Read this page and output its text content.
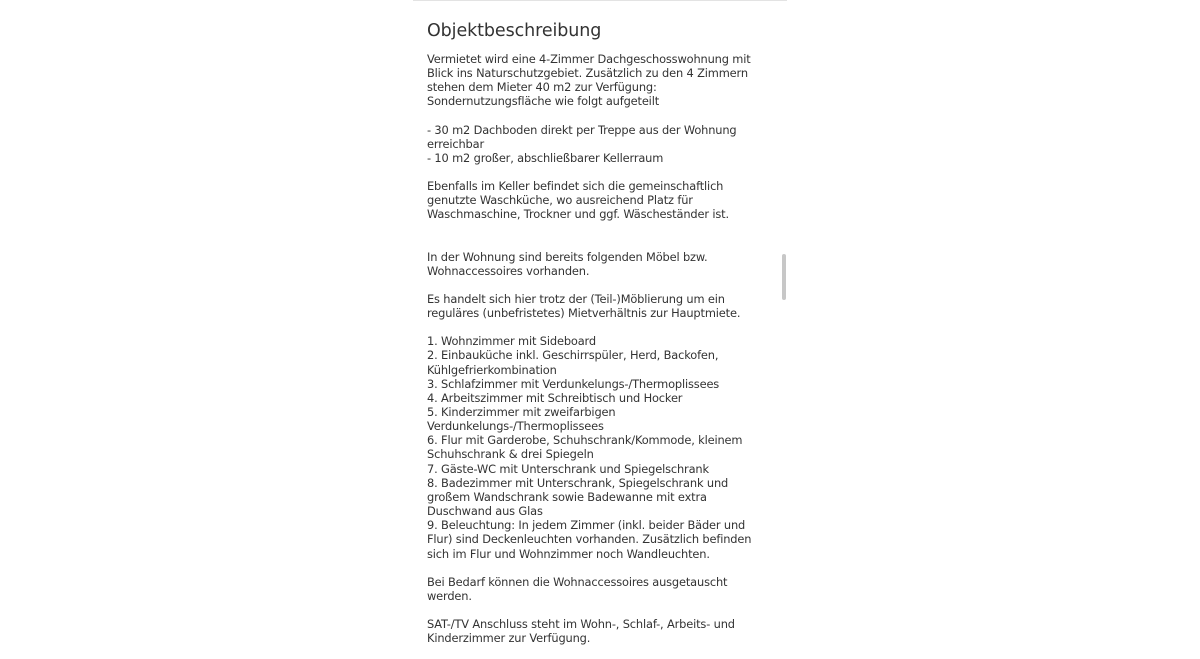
Objektbeschreibung

Vermietet wird eine 4-Zimmer Dachgeschosswohnung mit Blick ins Naturschutzgebiet. Zusätzlich zu den 4 Zimmern stehen dem Mieter 40 m2 zur Verfügung: Sondernutzungsfläche wie folgt aufgeteilt

- 30 m2 Dachboden direkt per Treppe aus der Wohnung erreichbar
- 10 m2 großer, abschließbarer Kellerraum

Ebenfalls im Keller befindet sich die gemeinschaftlich genutzte Waschküche, wo ausreichend Platz für Waschmaschine, Trockner und ggf. Wäscheständer ist.

In der Wohnung sind bereits folgenden Möbel bzw. Wohnaccessoires vorhanden.

Es handelt sich hier trotz der (Teil-)Möblierung um ein reguläres (unbefristetes) Mietverhältnis zur Hauptmiete.

1. Wohnzimmer mit Sideboard
2. Einbauküche inkl. Geschirrspüler, Herd, Backofen, Kühlgefrierkombination
3. Schlafzimmer mit Verdunkelungs-/Thermoplissees
4. Arbeitszimmer mit Schreibtisch und Hocker
5. Kinderzimmer mit zweifarbigen Verdunkelungs-/Thermoplissees
6. Flur mit Garderobe, Schuhschrank/Kommode, kleinem Schuhschrank & drei Spiegeln
7. Gäste-WC mit Unterschrank und Spiegelschrank
8. Badezimmer mit Unterschrank, Spiegelschrank und großem Wandschrank sowie Badewanne mit extra Duschwand aus Glas
9. Beleuchtung: In jedem Zimmer (inkl. beider Bäder und Flur) sind Deckenleuchten vorhanden. Zusätzlich befinden sich im Flur und Wohnzimmer noch Wandleuchten.

Bei Bedarf können die Wohnaccessoires ausgetauscht werden.

SAT-/TV Anschluss steht im Wohn-, Schlaf-, Arbeits- und Kinderzimmer zur Verfügung.
